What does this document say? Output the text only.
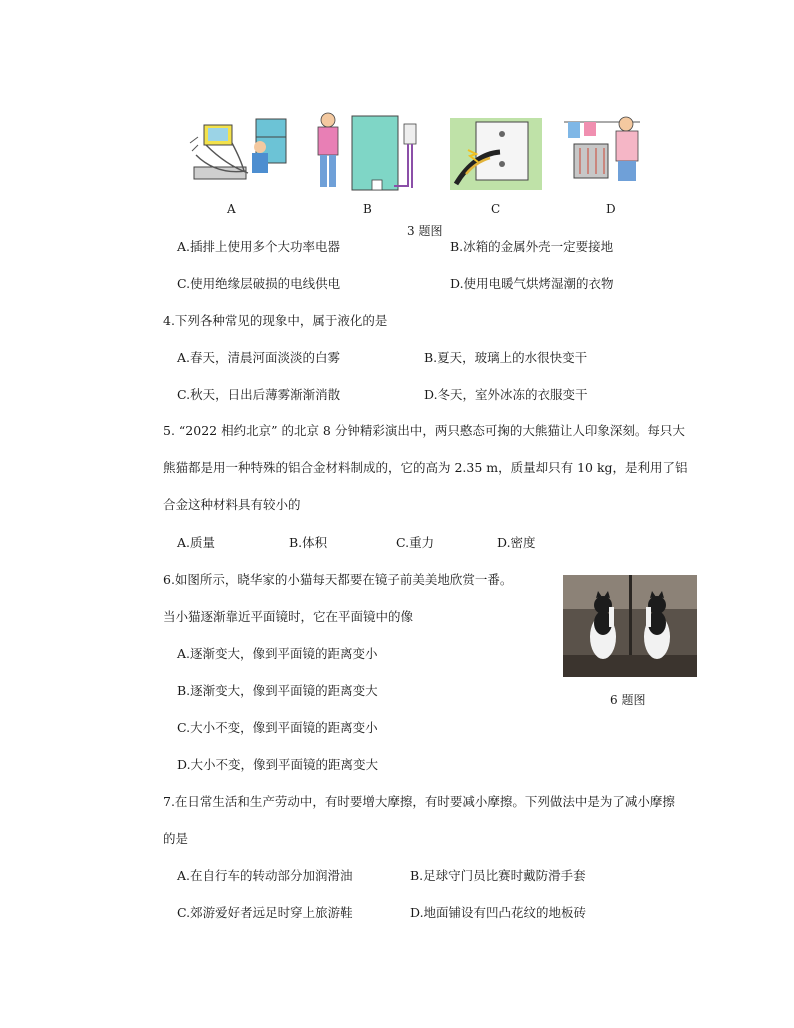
A	B	C	D
3 题图
A.插排上使用多个大功率电器	B.冰箱的金属外壳一定要接地
C.使用绝缘层破损的电线供电	D.使用电暖气烘烤湿潮的衣物
4.下列各种常见的现象中，属于液化的是
A.春天，清晨河面淡淡的白雾	B.夏天，玻璃上的水很快变干
C.秋天，日出后薄雾渐渐消散	D.冬天，室外冰冻的衣服变干
5. “2022 相约北京” 的北京 8 分钟精彩演出中，两只憨态可掬的大熊猫让人印象深刻。每只大
熊猫都是用一种特殊的铝合金材料制成的，它的高为 2.35 m，质量却只有 10 kg，是利用了铝
合金这种材料具有较小的
A.质量	B.体积	C.重力	D.密度
6.如图所示，晓华家的小猫每天都要在镜子前美美地欣赏一番。
当小猫逐渐靠近平面镜时，它在平面镜中的像
6 题图
A.逐渐变大，像到平面镜的距离变小
B.逐渐变大，像到平面镜的距离变大
C.大小不变，像到平面镜的距离变小
D.大小不变，像到平面镜的距离变大
7.在日常生活和生产劳动中，有时要增大摩擦，有时要减小摩擦。下列做法中是为了减小摩擦
的是
A.在自行车的转动部分加润滑油	B.足球守门员比赛时戴防滑手套
C.郊游爱好者远足时穿上旅游鞋	D.地面铺设有凹凸花纹的地板砖
